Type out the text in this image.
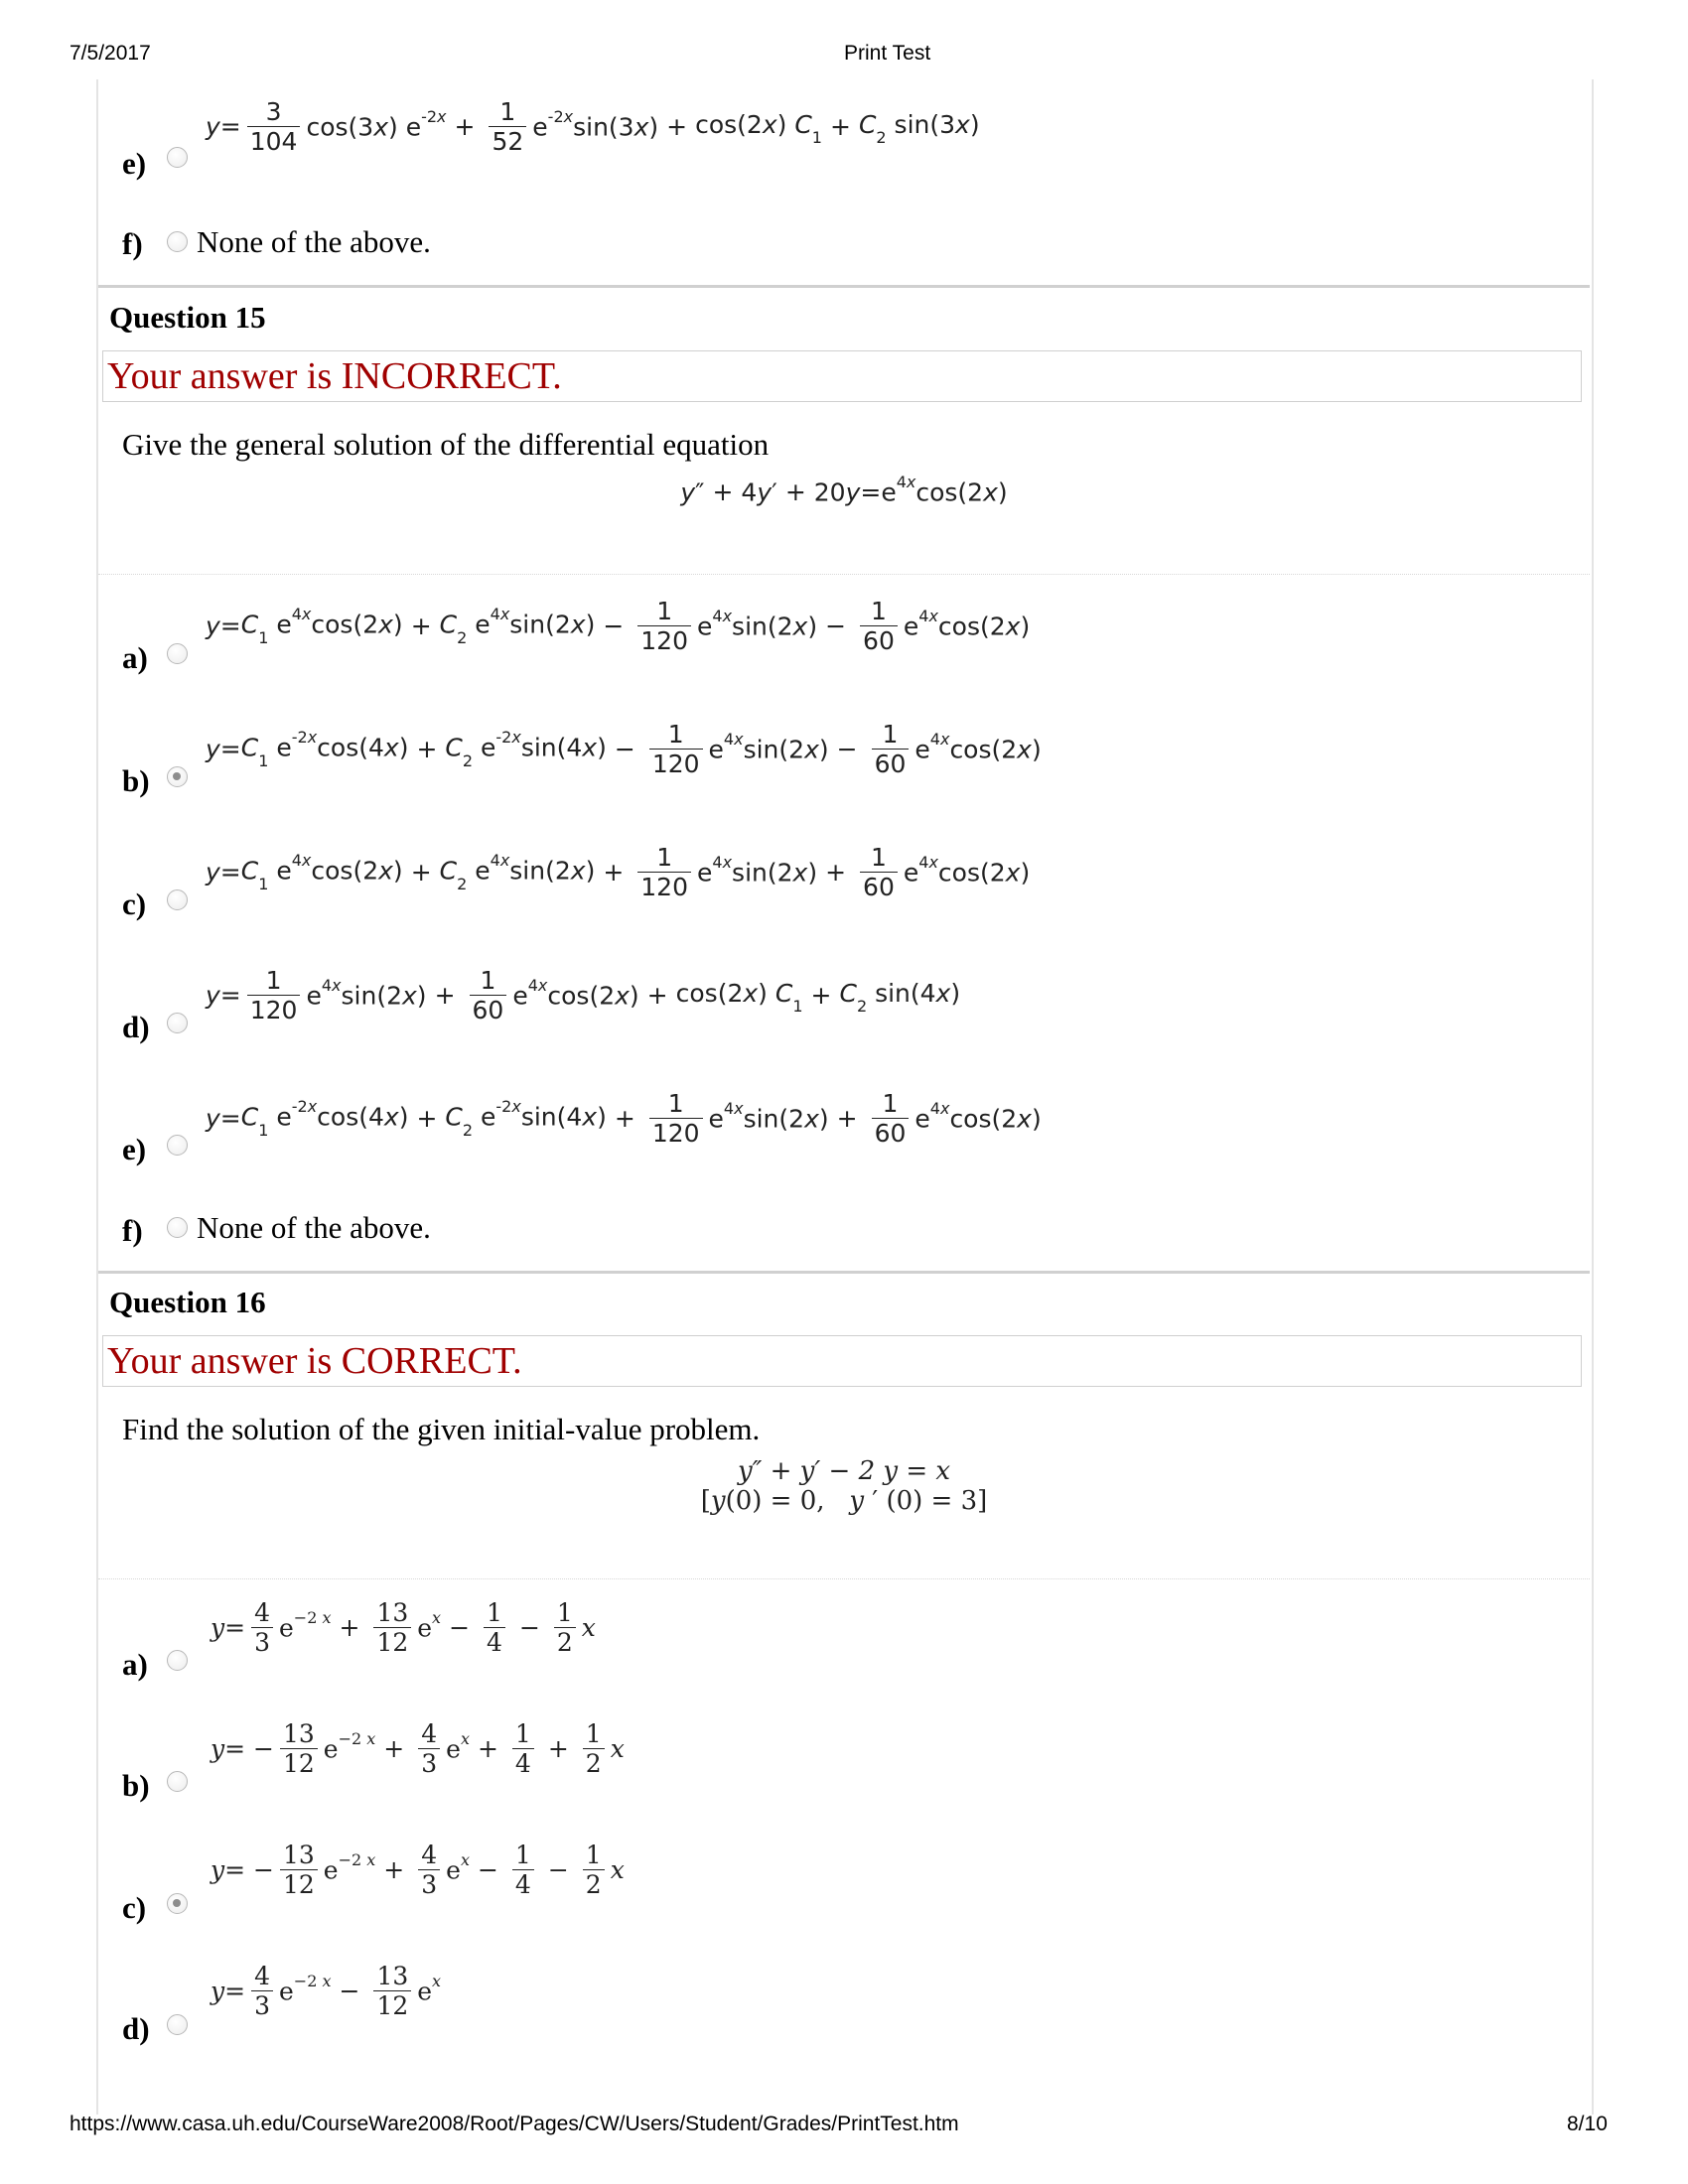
7/5/2017	Print Test
https://www.casa.uh.edu/CourseWare2008/Root/Pages/CW/Users/Student/Grades/PrintTest.htm	8/10
$y = \frac{3}{104} \cos(3x) e^{-2x} + \frac{1}{52} e^{-2x}\sin(3x) + \cos(2x) C_1 + C_2$ sin(3x)
e)
f) None of the above.
Question 15
Your answer is INCORRECT.
Give the general solution of the differential equation
$y'' + 4y' + 20y=e^{4x}\cos(2x)$
$y = C_1$ $e^{4x}\cos(2x) + C_2$ $e^{4x}\sin(2x) - \frac{1}{120} e^{4x}\sin(2x) - \frac{1}{60} e^{4x}\cos(2x)$
a)
$y = C_1$ $e^{-2x}\cos(4x) + C_2$ $e^{-2x}\sin(4x) - \frac{1}{120} e^{4x}\sin(2x) - \frac{1}{60} e^{4x}\cos(2x)$
b)
$y = C_1$ $e^{4x}\cos(2x) + C_2$ $e^{4x}\sin(2x) + \frac{1}{120} e^{4x}\sin(2x) + \frac{1}{60} e^{4x}\cos(2x)$
c)
$y = \frac{1}{120} e^{4x}\sin(2x) + \frac{1}{60} e^{4x}\cos(2x) + \cos(2x) C_1 + C_2$ sin(4x)
d)
$y = C_1$ $e^{-2x}\cos(4x) + C_2$ $e^{-2x}\sin(4x) + \frac{1}{120} e^{4x}\sin(2x) + \frac{1}{60} e^{4x}\cos(2x)$
e)
f) None of the above.
Question 16
Your answer is CORRECT.
Find the solution of the given initial-value problem.
y″ + y′ − 2 y = x
[y(0) = 0,   y ′ (0) = 3]
$y = \frac{4}{3} e^{-2 x} + \frac{13}{12} e^x - \frac{1}{4} - \frac{1}{2}$ x
a)
y = − $\frac{13}{12} e^{-2 x} + \frac{4}{3} e^x + \frac{1}{4} + \frac{1}{2}$ x
b)
y = − $\frac{13}{12} e^{-2 x} + \frac{4}{3} e^x - \frac{1}{4} - \frac{1}{2}$ x
c)
$y = \frac{4}{3} e^{-2 x} - \frac{13}{12} e^x$
d)
